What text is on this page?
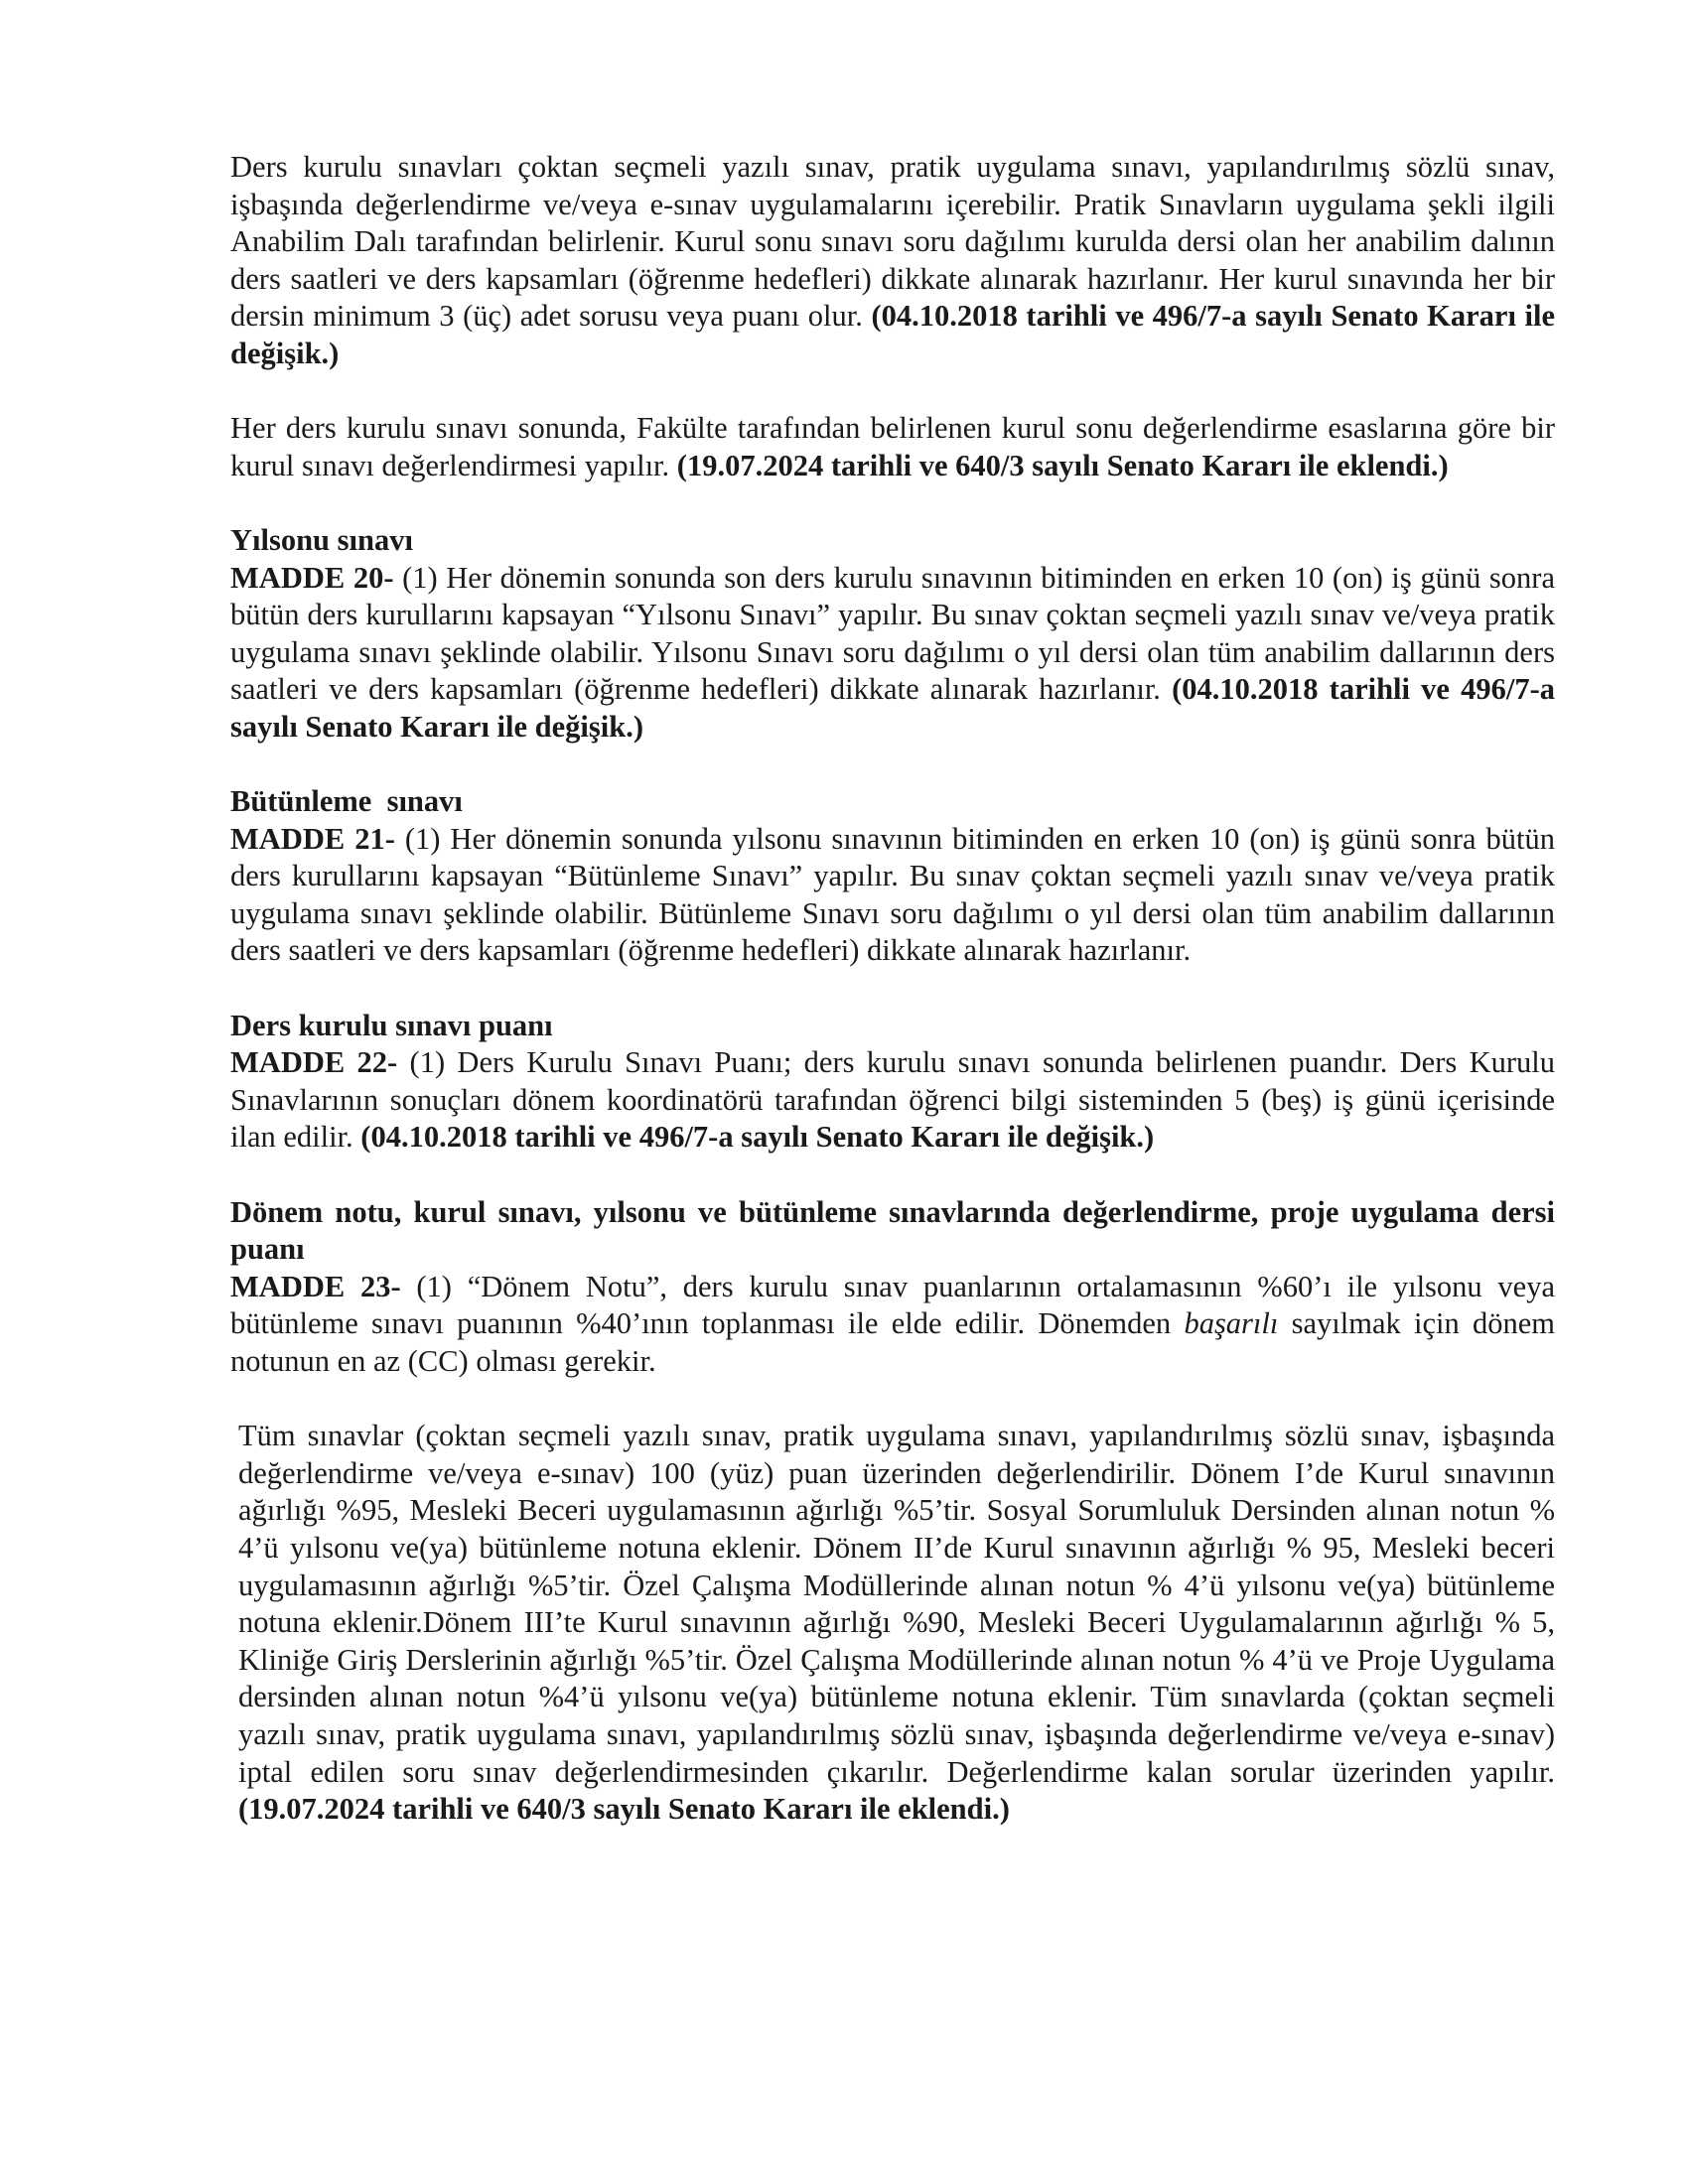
Ders kurulu sınavları çoktan seçmeli yazılı sınav, pratik uygulama sınavı, yapılandırılmış sözlü sınav, işbaşında değerlendirme ve/veya e-sınav uygulamalarını içerebilir. Pratik Sınavların uygulama şekli ilgili Anabilim Dalı tarafından belirlenir. Kurul sonu sınavı soru dağılımı kurulda dersi olan her anabilim dalının ders saatleri ve ders kapsamları (öğrenme hedefleri) dikkate alınarak hazırlanır. Her kurul sınavında her bir dersin minimum 3 (üç) adet sorusu veya puanı olur. (04.10.2018 tarihli ve 496/7-a sayılı Senato Kararı ile değişik.)

Her ders kurulu sınavı sonunda, Fakülte tarafından belirlenen kurul sonu değerlendirme esaslarına göre bir kurul sınavı değerlendirmesi yapılır. (19.07.2024 tarihli ve 640/3 sayılı Senato Kararı ile eklendi.)

Yılsonu sınavı

MADDE 20- (1) Her dönemin sonunda son ders kurulu sınavının bitiminden en erken 10 (on) iş günü sonra bütün ders kurullarını kapsayan “Yılsonu Sınavı” yapılır. Bu sınav çoktan seçmeli yazılı sınav ve/veya pratik uygulama sınavı şeklinde olabilir. Yılsonu Sınavı soru dağılımı o yıl dersi olan tüm anabilim dallarının ders saatleri ve ders kapsamları (öğrenme hedefleri) dikkate alınarak hazırlanır. (04.10.2018 tarihli ve 496/7-a sayılı Senato Kararı ile değişik.)

Bütünleme  sınavı

MADDE 21- (1) Her dönemin sonunda yılsonu sınavının bitiminden en erken 10 (on) iş günü sonra bütün ders kurullarını kapsayan “Bütünleme Sınavı” yapılır. Bu sınav çoktan seçmeli yazılı sınav ve/veya pratik uygulama sınavı şeklinde olabilir. Bütünleme Sınavı soru dağılımı o yıl dersi olan tüm anabilim dallarının ders saatleri ve ders kapsamları (öğrenme hedefleri) dikkate alınarak hazırlanır.

Ders kurulu sınavı puanı

MADDE 22- (1) Ders Kurulu Sınavı Puanı; ders kurulu sınavı sonunda belirlenen puandır. Ders Kurulu Sınavlarının sonuçları dönem koordinatörü tarafından öğrenci bilgi sisteminden 5 (beş) iş günü içerisinde ilan edilir. (04.10.2018 tarihli ve 496/7-a sayılı Senato Kararı ile değişik.)

Dönem notu, kurul sınavı, yılsonu ve bütünleme sınavlarında değerlendirme, proje uygulama dersi puanı

MADDE 23- (1) “Dönem Notu”, ders kurulu sınav puanlarının ortalamasının %60’ı ile yılsonu veya bütünleme sınavı puanının %40’ının toplanması ile elde edilir. Dönemden başarılı sayılmak için dönem notunun en az (CC) olması gerekir.

Tüm sınavlar (çoktan seçmeli yazılı sınav, pratik uygulama sınavı, yapılandırılmış sözlü sınav, işbaşında değerlendirme ve/veya e-sınav) 100 (yüz) puan üzerinden değerlendirilir. Dönem I’de Kurul sınavının ağırlığı %95, Mesleki Beceri uygulamasının ağırlığı %5’tir. Sosyal Sorumluluk Dersinden alınan notun % 4’ü yılsonu ve(ya) bütünleme notuna eklenir. Dönem II’de Kurul sınavının ağırlığı % 95, Mesleki beceri uygulamasının ağırlığı %5’tir. Özel Çalışma Modüllerinde alınan notun % 4’ü yılsonu ve(ya) bütünleme notuna eklenir.Dönem III’te Kurul sınavının ağırlığı %90, Mesleki Beceri Uygulamalarının ağırlığı % 5, Kliniğe Giriş Derslerinin ağırlığı %5’tir. Özel Çalışma Modüllerinde alınan notun % 4’ü ve Proje Uygulama dersinden alınan notun %4’ü yılsonu ve(ya) bütünleme notuna eklenir. Tüm sınavlarda (çoktan seçmeli yazılı sınav, pratik uygulama sınavı, yapılandırılmış sözlü sınav, işbaşında değerlendirme ve/veya e-sınav) iptal edilen soru sınav değerlendirmesinden çıkarılır. Değerlendirme kalan sorular üzerinden yapılır. (19.07.2024 tarihli ve 640/3 sayılı Senato Kararı ile eklendi.)
